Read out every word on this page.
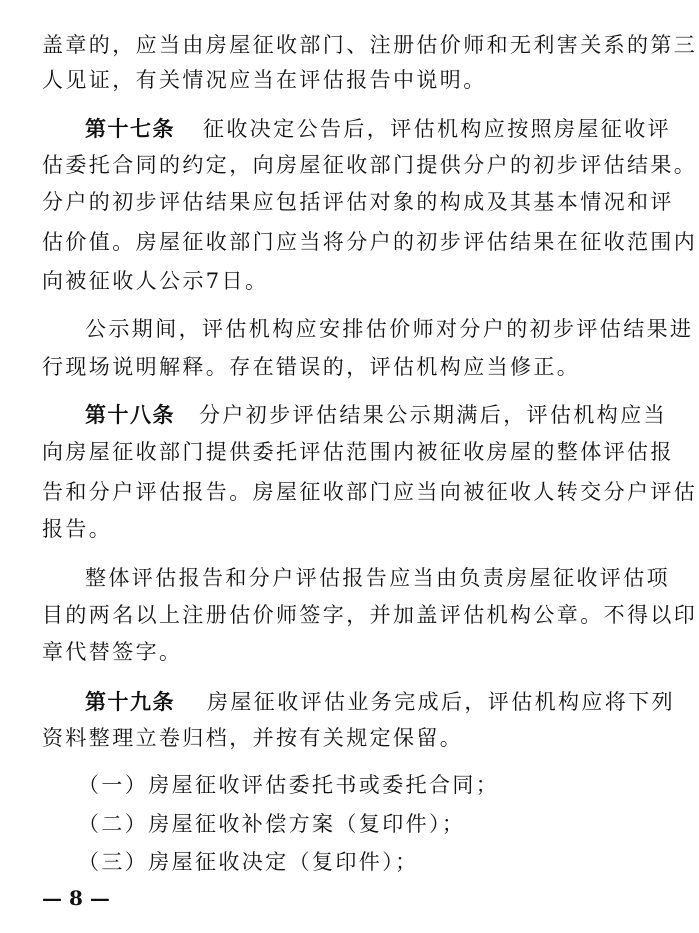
盖章的，应当由房屋征收部门、注册估价师和无利害关系的第三
人见证，有关情况应当在评估报告中说明。
第十七条 征收决定公告后，评估机构应按照房屋征收评
估委托合同的约定，向房屋征收部门提供分户的初步评估结果。
分户的初步评估结果应包括评估对象的构成及其基本情况和评
估价值。房屋征收部门应当将分户的初步评估结果在征收范围内
向被征收人公示7日。
公示期间，评估机构应安排估价师对分户的初步评估结果进
行现场说明解释。存在错误的，评估机构应当修正。
第十八条 分户初步评估结果公示期满后，评估机构应当
向房屋征收部门提供委托评估范围内被征收房屋的整体评估报
告和分户评估报告。房屋征收部门应当向被征收人转交分户评估
报告。
整体评估报告和分户评估报告应当由负责房屋征收评估项
目的两名以上注册估价师签字，并加盖评估机构公章。不得以印
章代替签字。
第十九条 房屋征收评估业务完成后，评估机构应将下列
资料整理立卷归档，并按有关规定保留。
（一）房屋征收评估委托书或委托合同；
（二）房屋征收补偿方案（复印件）；
（三）房屋征收决定（复印件）；
— 8 —
